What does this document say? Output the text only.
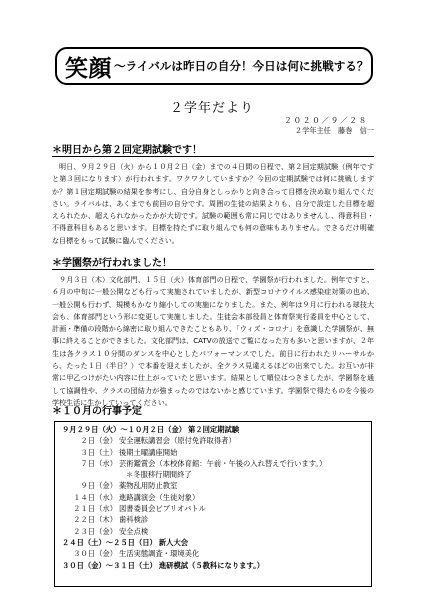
笑顔 ～ライバルは昨日の自分！今日は何に挑戦する？
２学年だより
２０２０／９／２８
２学年主任　藤巻　信一
＊明日から第２回定期試験です！

明日、９月２９日（火）から１０月２日（金）までの４日間の日程で、第２回定期試験（例年ですと第３回になります）が行われます。ワクワクしていますか？今回の定期試験では何に挑戦しますか？第１回定期試験の結果を参考にし、自分自身としっかりと向き合って目標を決め取り組んでください。ライバルは、あくまでも前回の自分です。周囲の生徒の結果よりも、自分で設定した目標を超えられたか、超えられなかったかが大切です。試験の範囲も常に同じではありませんし、得意科目・不得意科目もあると思います。目標を持たずに取り組んでも何の意味もありません。できるだけ明確な目標をもって試験に臨んでください。

＊学園祭が行われました！

９月３日（木）文化部門、１５日（火）体育部門の日程で、学園祭が行われました。例年ですと、６月の中旬に一般公開なども行って実施されていましたが、新型コロナウイルス感染症対策の也め、一般公開も行わず、規模もかなり縮小しての実施になりました。また、例年は９月に行われる球技大会も、体育部門という形に変更して実施しました。生徒会本部役員と体育祭実行委員を中心として、計画・準備の段階から綿密に取り組んできたこともあり、「ウィズ・コロナ」を意識した学園祭が、無事に終えることができました。文化部門は、CATVの放送でご覧になった方も多いと思いますが、２年生は各クラス１０分間のダンスを中心としたパフォーマンスでした。前日に行われたリハーサルから、たった１日（半日？）で本番を迎えましたが、全クラス見違えるほどの出来でした。お互いが非常に甲乙つけがたい内容に仕上がっていたと思います。結果として順位はつきましたが、学園祭を通して協調性や、クラスの団結力が強まったのではないかと感じています。学園祭で得たものを今後の学校生活に生かしていってください。

＊１０月の行事予定
９月２９日（火）～１０月２日（金） 第２回定期試験
２日（金） 安全運転講習会（原付免許取得者）
３日（土） 後期土曜講座開始
７日（水） 芸術鑑賞会（本校体育館：午前・午後の入れ替えで行います。）
＊冬服移行期間終了
９日（金） 薬物乱用防止教室
１４日（水） 進路講演会（生徒対象）
２１日（水） 図書委員会ビブリオバトル
２２日（木） 歯科検診
２３日（金） 安全点検
２４日（土）～２５日（日） 新人大会
３０日（金） 生活実態調査・環境美化
３０日（金）～３１日（土） 進研模試（５教科になります。）
